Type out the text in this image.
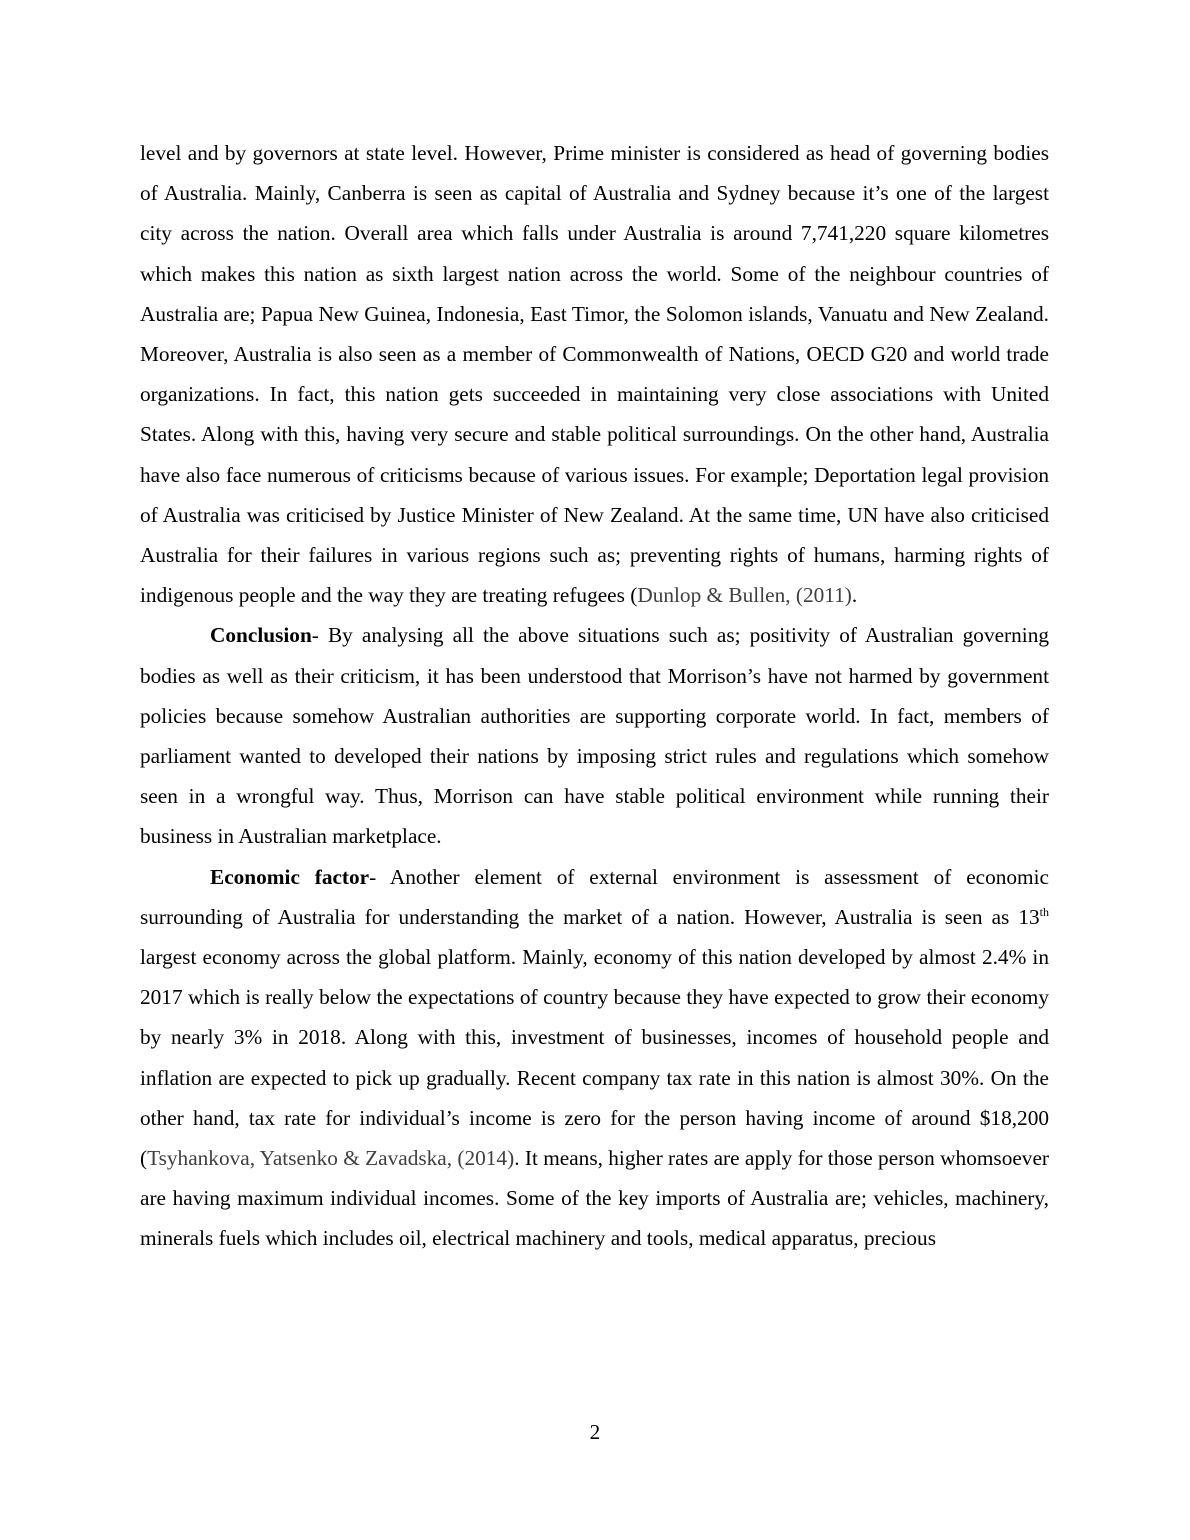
level and by governors at state level. However, Prime minister is considered as head of governing bodies of Australia. Mainly, Canberra is seen as capital of Australia and Sydney because it’s one of the largest city across the nation. Overall area which falls under Australia is around 7,741,220 square kilometres which makes this nation as sixth largest nation across the world. Some of the neighbour countries of Australia are; Papua New Guinea, Indonesia, East Timor, the Solomon islands, Vanuatu and New Zealand. Moreover, Australia is also seen as a member of Commonwealth of Nations, OECD G20 and world trade organizations. In fact, this nation gets succeeded in maintaining very close associations with United States. Along with this, having very secure and stable political surroundings. On the other hand, Australia have also face numerous of criticisms because of various issues. For example; Deportation legal provision of Australia was criticised by Justice Minister of New Zealand. At the same time, UN have also criticised Australia for their failures in various regions such as; preventing rights of humans, harming rights of indigenous people and the way they are treating refugees (Dunlop & Bullen, (2011).

Conclusion- By analysing all the above situations such as; positivity of Australian governing bodies as well as their criticism, it has been understood that Morrison’s have not harmed by government policies because somehow Australian authorities are supporting corporate world. In fact, members of parliament wanted to developed their nations by imposing strict rules and regulations which somehow seen in a wrongful way. Thus, Morrison can have stable political environment while running their business in Australian marketplace.

Economic factor- Another element of external environment is assessment of economic surrounding of Australia for understanding the market of a nation. However, Australia is seen as 13th largest economy across the global platform. Mainly, economy of this nation developed by almost 2.4% in 2017 which is really below the expectations of country because they have expected to grow their economy by nearly 3% in 2018. Along with this, investment of businesses, incomes of household people and inflation are expected to pick up gradually. Recent company tax rate in this nation is almost 30%. On the other hand, tax rate for individual’s income is zero for the person having income of around $18,200 (Tsyhankova, Yatsenko & Zavadska, (2014). It means, higher rates are apply for those person whomsoever are having maximum individual incomes. Some of the key imports of Australia are; vehicles, machinery, minerals fuels which includes oil, electrical machinery and tools, medical apparatus, precious

2
